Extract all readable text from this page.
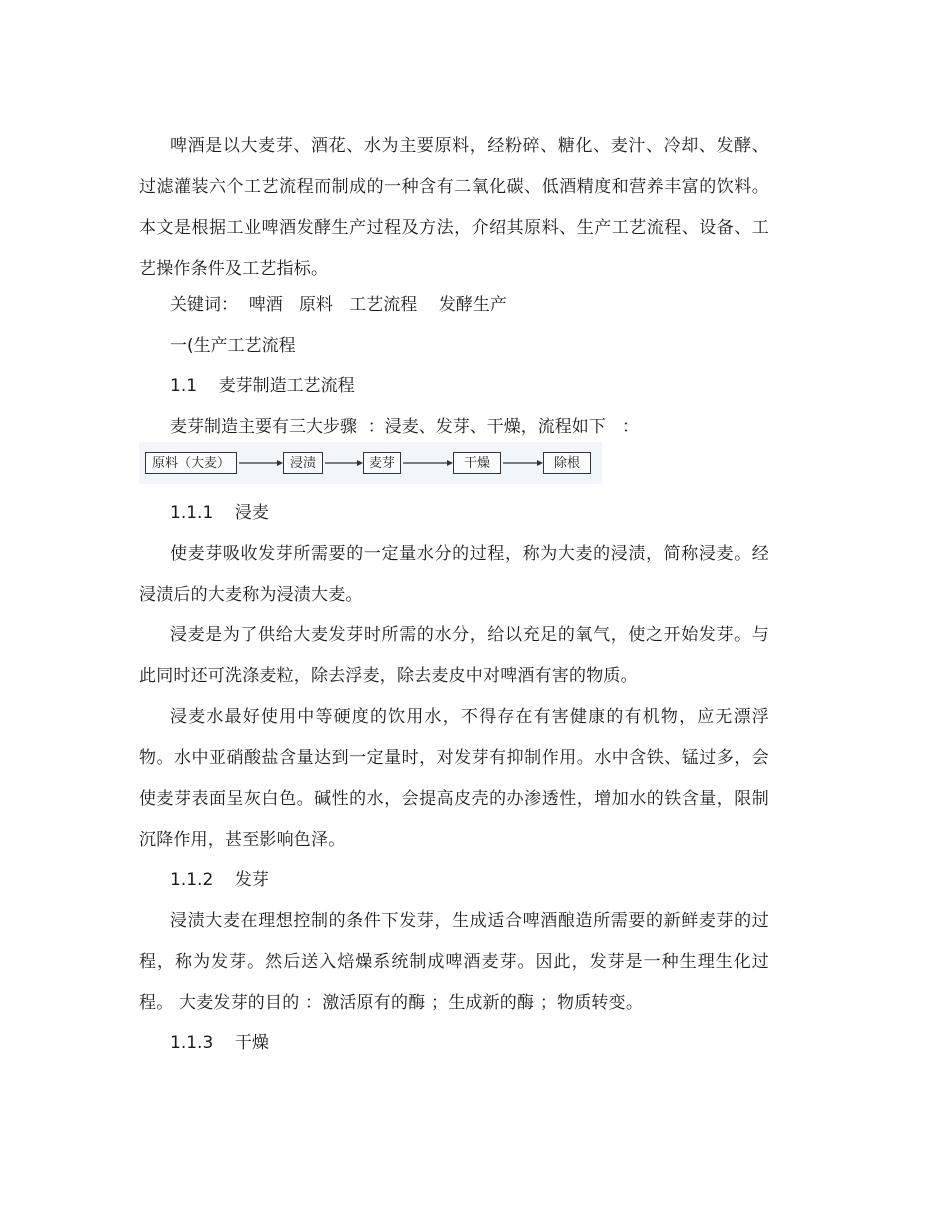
啤酒是以大麦芽、酒花、水为主要原料，经粉碎、糖化、麦汁、冷却、发酵、过滤灌装六个工艺流程而制成的一种含有二氧化碳、低酒精度和营养丰富的饮料。本文是根据工业啤酒发酵生产过程及方法，介绍其原料、生产工艺流程、设备、工艺操作条件及工艺指标。

关键词：  啤酒   原料   工艺流程    发酵生产

一(生产工艺流程

1.1    麦芽制造工艺流程

麦芽制造主要有三大步骤  ：浸麦、发芽、干燥，流程如下   ：

原料（大麦）	浸渍	麦芽	干燥	除根

1.1.1    浸麦

使麦芽吸收发芽所需要的一定量水分的过程，称为大麦的浸渍，简称浸麦。经浸渍后的大麦称为浸渍大麦。

浸麦是为了供给大麦发芽时所需的水分，给以充足的氧气，使之开始发芽。与此同时还可洗涤麦粒，除去浮麦，除去麦皮中对啤酒有害的物质。

浸麦水最好使用中等硬度的饮用水，不得存在有害健康的有机物，应无漂浮物。水中亚硝酸盐含量达到一定量时，对发芽有抑制作用。水中含铁、锰过多，会使麦芽表面呈灰白色。碱性的水，会提高皮壳的办渗透性，增加水的铁含量，限制沉降作用，甚至影响色泽。

1.1.2    发芽

浸渍大麦在理想控制的条件下发芽，生成适合啤酒酿造所需要的新鲜麦芽的过程，称为发芽。然后送入焙燥系统制成啤酒麦芽。因此，发芽是一种生理生化过程。 大麦发芽的目的 ：激活原有的酶 ；生成新的酶 ；物质转变。

1.1.3    干燥
